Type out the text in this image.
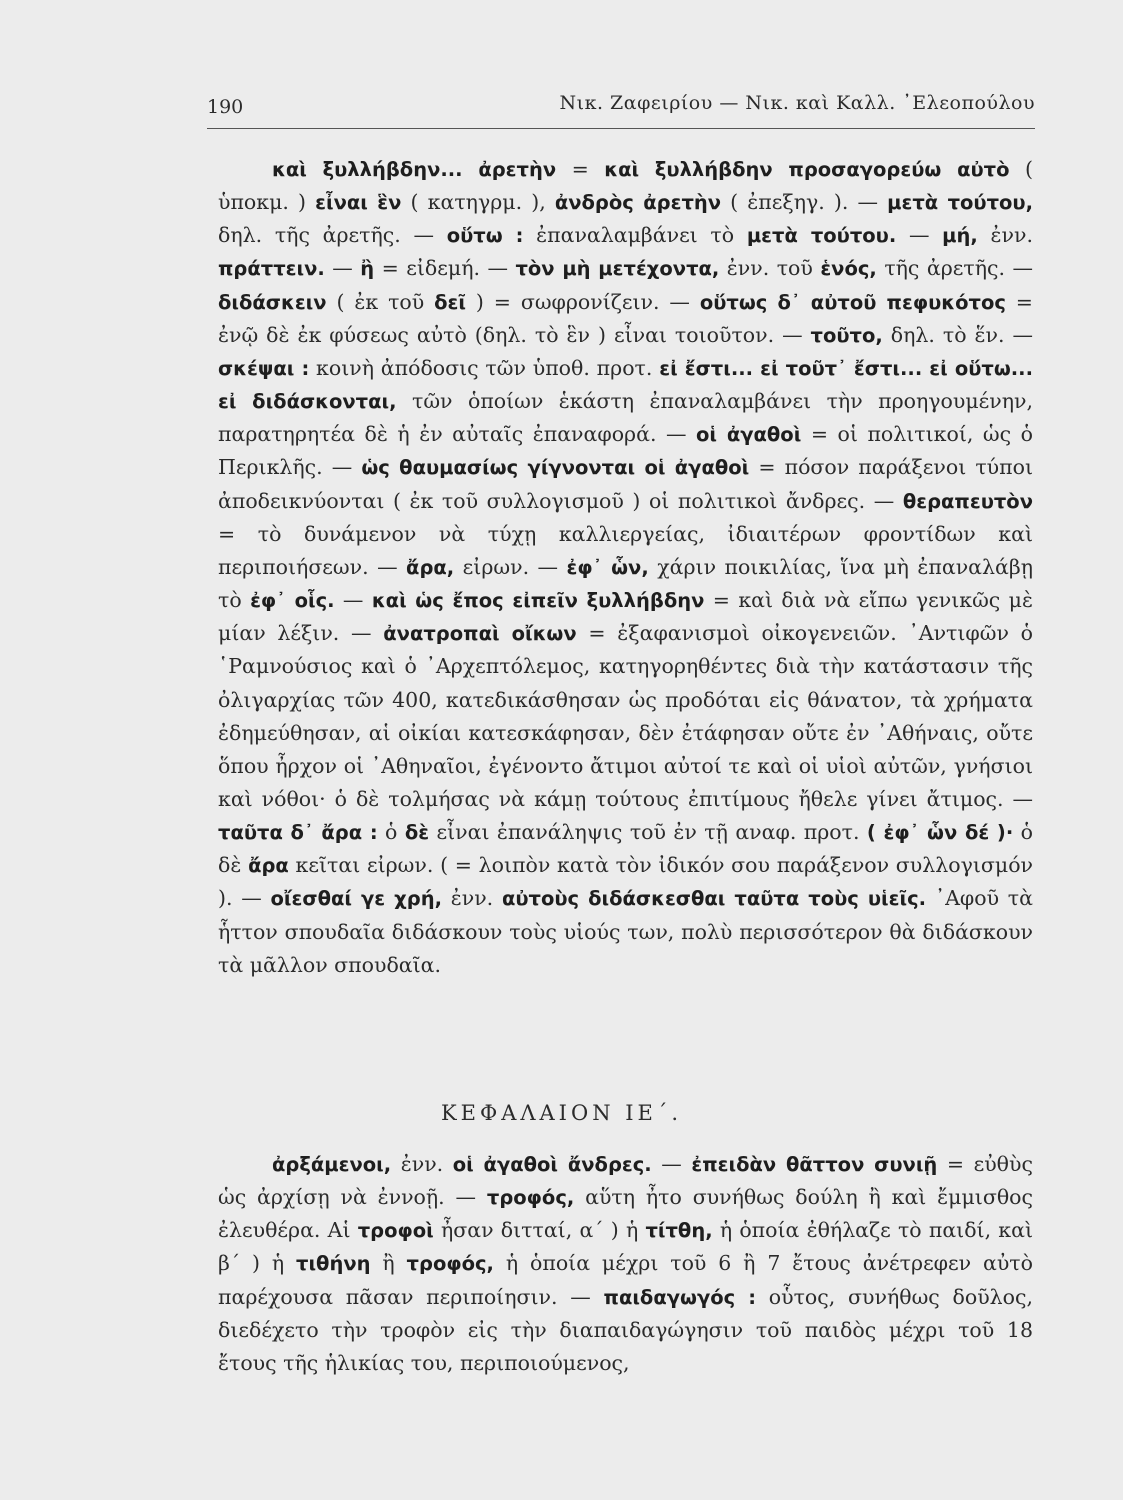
190	Νικ. Ζαφειρίου — Νικ. καὶ Καλλ. ᾿Ελεοπούλου

καὶ ξυλλήβδην... ἀρετὴν = καὶ ξυλλήβδην προσαγορεύω αὐτὸ ( ὑποκμ. ) εἶναι ἓν ( κατηγρμ. ), ἀνδρὸς ἀρετὴν ( ἐπεξηγ. ). — μετὰ τούτου, δηλ. τῆς ἀρετῆς. — οὕτω : ἐπαναλαμβάνει τὸ μετὰ τούτου. — μή, ἐνν. πράττειν. — ἢ = εἰδεμή. — τὸν μὴ μετέχοντα, ἐνν. τοῦ ἑνός, τῆς ἀρετῆς. — διδάσκειν ( ἐκ τοῦ δεῖ ) = σωφρονίζειν. — οὕτως δ᾿ αὐτοῦ πεφυκότος = ἐνῷ δὲ ἐκ φύσεως αὐτὸ (δηλ. τὸ ἓν ) εἶναι τοιοῦτον. — τοῦτο, δηλ. τὸ ἕν. — σκέψαι : κοινὴ ἀπόδοσις τῶν ὑποθ. προτ. εἰ ἔστι... εἰ τοῦτ᾿ ἔστι... εἰ οὕτω... εἰ διδάσκονται, τῶν ὁποίων ἑκάστη ἐπαναλαμβάνει τὴν προηγουμένην, παρατηρητέα δὲ ἡ ἐν αὐταῖς ἐπαναφορά. — οἱ ἀγαθοὶ = οἱ πολιτικοί, ὡς ὁ Περικλῆς. — ὡς θαυμασίως γίγνονται οἱ ἀγαθοὶ = πόσον παράξενοι τύποι ἀποδεικνύονται ( ἐκ τοῦ συλλογισμοῦ ) οἱ πολιτικοὶ ἄνδρες. — θεραπευτὸν = τὸ δυνάμενον νὰ τύχῃ καλλιεργείας, ἰδιαιτέρων φροντίδων καὶ περιποιήσεων. — ἄρα, εἰρων. — ἐφ᾿ ὧν, χάριν ποικιλίας, ἵνα μὴ ἐπαναλάβῃ τὸ ἐφ᾿ οἷς. — καὶ ὡς ἔπος εἰπεῖν ξυλλήβδην = καὶ διὰ νὰ εἴπω γενικῶς μὲ μίαν λέξιν. — ἀνατροπαὶ οἴκων = ἐξαφανισμοὶ οἰκογενειῶν. ᾿Αντιφῶν ὁ ῾Ραμνούσιος καὶ ὁ ᾿Αρχεπτόλεμος, κατηγορηθέντες διὰ τὴν κατάστασιν τῆς ὀλιγαρχίας τῶν 400, κατεδικάσθησαν ὡς προδόται εἰς θάνατον, τὰ χρήματα ἐδημεύθησαν, αἱ οἰκίαι κατεσκάφησαν, δὲν ἐτάφησαν οὔτε ἐν ᾿Αθήναις, οὔτε ὅπου ἦρχον οἱ ᾿Αθηναῖοι, ἐγένοντο ἄτιμοι αὐτοί τε καὶ οἱ υἱοὶ αὐτῶν, γνήσιοι καὶ νόθοι· ὁ δὲ τολμήσας νὰ κάμῃ τούτους ἐπιτίμους ἤθελε γίνει ἄτιμος. — ταῦτα δ᾿ ἄρα : ὁ δὲ εἶναι ἐπανάληψις τοῦ ἐν τῇ αναφ. προτ. ( ἐφ᾿ ὧν δέ )· ὁ δὲ ἄρα κεῖται εἰρων. ( = λοιπὸν κατὰ τὸν ἰδικόν σου παράξενον συλλογισμόν ). — οἴεσθαί γε χρή, ἐνν. αὐτοὺς διδάσκεσθαι ταῦτα τοὺς υἱεῖς. ᾿Αφοῦ τὰ ἧττον σπουδαῖα διδάσκουν τοὺς υἱούς των, πολὺ περισσότερον θὰ διδάσκουν τὰ μᾶλλον σπουδαῖα.

ΚΕΦΑΛΑΙΟΝ ΙΕ΄.

ἀρξάμενοι, ἐνν. οἱ ἀγαθοὶ ἄνδρες. — ἐπειδὰν θᾶττον συνιῇ = εὐθὺς ὡς ἀρχίσῃ νὰ ἐννοῇ. — τροφός, αὕτη ἦτο συνήθως δούλη ἢ καὶ ἔμμισθος ἐλευθέρα. Αἱ τροφοὶ ἦσαν διτταί, α΄ ) ἡ τίτθη, ἡ ὁποία ἐθήλαζε τὸ παιδί, καὶ β΄ ) ἡ τιθήνη ἢ τροφός, ἡ ὁποία μέχρι τοῦ 6 ἢ 7 ἔτους ἀνέτρεφεν αὐτὸ παρέχουσα πᾶσαν περιποίησιν. — παιδαγωγός : οὗτος, συνήθως δοῦλος, διεδέχετο τὴν τροφὸν εἰς τὴν διαπαιδαγώγησιν τοῦ παιδὸς μέχρι τοῦ 18 ἔτους τῆς ἡλικίας του, περιποιούμενος,
